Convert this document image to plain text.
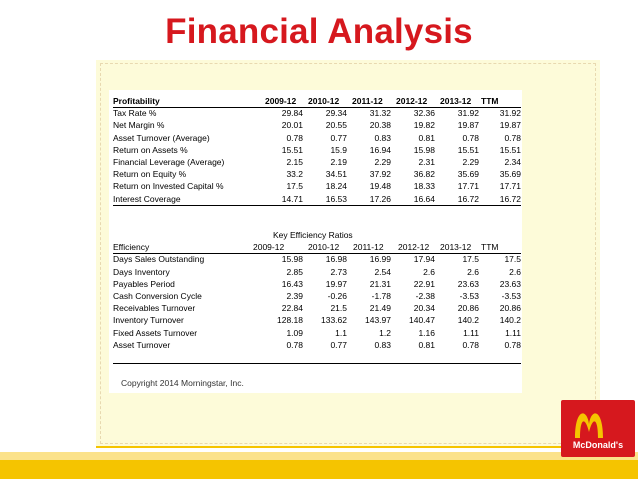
Financial Analysis
Profitability	2009-12 2010-12 2011-12 2012-12 2013-12 TTM
Tax Rate %	29.84	29.34	31.32	32.36	31.92	31.92
Net Margin %	20.01	20.55	20.38	19.82	19.87	19.87
Asset Turnover (Average)	0.78	0.77	0.83	0.81	0.78	0.78
Return on Assets %	15.51	15.9	16.94	15.98	15.51	15.51
Financial Leverage (Average)	2.15	2.19	2.29	2.31	2.29	2.34
Return on Equity %	33.2	34.51	37.92	36.82	35.69	35.69
Return on Invested Capital %	17.5	18.24	19.48	18.33	17.71	17.71
Interest Coverage	14.71	16.53	17.26	16.64	16.72	16.72
Key Efficiency Ratios
Efficiency	2009-12	2010-12 2011-12 2012-12 2013-12 TTM
Days Sales Outstanding	15.98	16.98	16.99	17.94	17.5	17.5
Days Inventory	2.85	2.73	2.54	2.6	2.6	2.6
Payables Period	16.43	19.97	21.31	22.91	23.63	23.63
Cash Conversion Cycle	2.39	-0.26	-1.78	-2.38	-3.53	-3.53
Receivables Turnover	22.84	21.5	21.49	20.34	20.86	20.86
Inventory Turnover	128.18	133.62	143.97	140.47	140.2	140.2
Fixed Assets Turnover	1.09	1.1	1.2	1.16	1.11	1.11
Asset Turnover	0.78	0.77	0.83	0.81	0.78	0.78
Copyright 2014 Morningstar, Inc.
McDonald's
